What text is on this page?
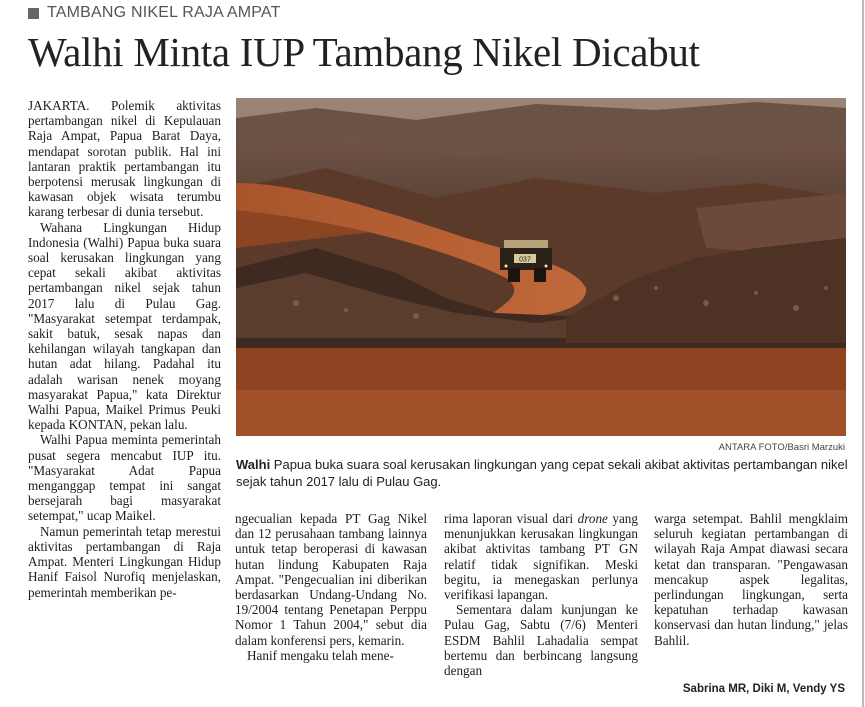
TAMBANG NIKEL RAJA AMPAT
Walhi Minta IUP Tambang Nikel Dicabut

JAKARTA. Polemik aktivitas pertambangan nikel di Kepulauan Raja Ampat, Papua Barat Daya, mendapat sorotan publik. Hal ini lantaran praktik pertambangan itu berpotensi merusak lingkungan di kawasan objek wisata terumbu karang terbesar di dunia tersebut.

Wahana Lingkungan Hidup Indonesia (Walhi) Papua buka suara soal kerusakan lingkungan yang cepat sekali akibat aktivitas pertambangan nikel sejak tahun 2017 lalu di Pulau Gag. "Masyarakat setempat terdampak, sakit batuk, sesak napas dan kehilangan wilayah tangkapan dan hutan adat hilang. Padahal itu adalah warisan nenek moyang masyarakat Papua," kata Direktur Walhi Papua, Maikel Primus Peuki kepada KONTAN, pekan lalu.

Walhi Papua meminta pemerintah pusat segera mencabut IUP itu. "Masyarakat Adat Papua menganggap tempat ini sangat bersejarah bagi masyarakat setempat," ucap Maikel.

Namun pemerintah tetap merestui aktivitas pertambangan di Raja Ampat. Menteri Lingkungan Hidup Hanif Faisol Nurofiq menjelaskan, pemerintah memberikan pe-

037
ANTARA FOTO/Basri Marzuki
Walhi Papua buka suara soal kerusakan lingkungan yang cepat sekali akibat aktivitas pertambangan nikel sejak tahun 2017 lalu di Pulau Gag.

ngecualian kepada PT Gag Nikel dan 12 perusahaan tambang lainnya untuk tetap beroperasi di kawasan hutan lindung Kabupaten Raja Ampat. "Pengecualian ini diberikan berdasarkan Undang-Undang No. 19/2004 tentang Penetapan Perppu Nomor 1 Tahun 2004," sebut dia dalam konferensi pers, kemarin.

Hanif mengaku telah mene-

rima laporan visual dari drone yang menunjukkan kerusakan lingkungan akibat aktivitas tambang PT GN relatif tidak signifikan. Meski begitu, ia menegaskan perlunya verifikasi lapangan.

Sementara dalam kunjungan ke Pulau Gag, Sabtu (7/6) Menteri ESDM Bahlil Lahadalia sempat bertemu dan berbincang langsung dengan

warga setempat. Bahlil mengklaim seluruh kegiatan pertambangan di wilayah Raja Ampat diawasi secara ketat dan transparan. "Pengawasan mencakup aspek legalitas, perlindungan lingkungan, serta kepatuhan terhadap kawasan konservasi dan hutan lindung," jelas Bahlil.

Sabrina MR, Diki M, Vendy YS
